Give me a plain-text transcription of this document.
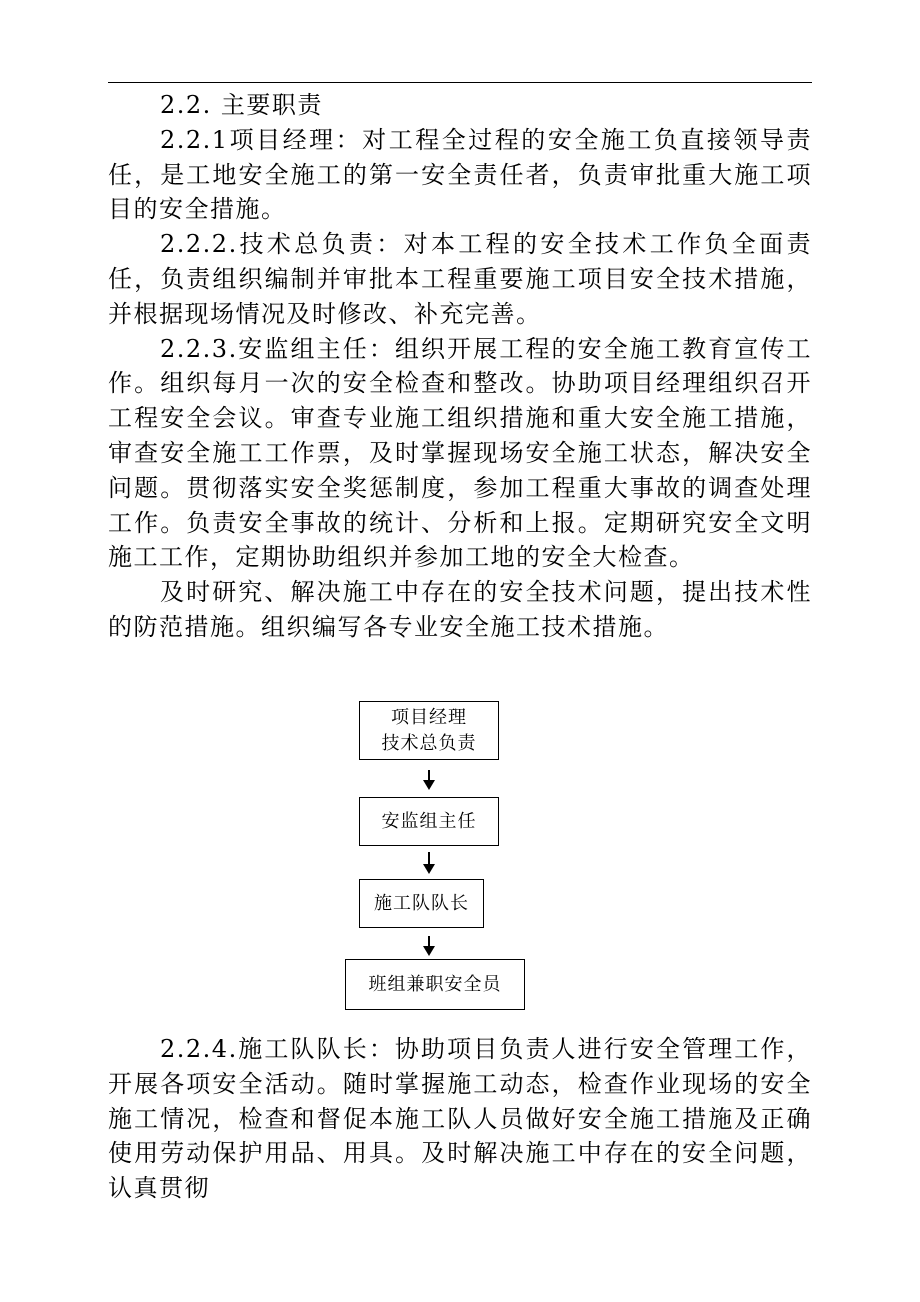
2.2. 主要职责

2.2.1项目经理：对工程全过程的安全施工负直接领导责任，是工地安全施工的第一安全责任者，负责审批重大施工项目的安全措施。

2.2.2.技术总负责：对本工程的安全技术工作负全面责任，负责组织编制并审批本工程重要施工项目安全技术措施，并根据现场情况及时修改、补充完善。

2.2.3.安监组主任：组织开展工程的安全施工教育宣传工作。组织每月一次的安全检查和整改。协助项目经理组织召开工程安全会议。审查专业施工组织措施和重大安全施工措施，审查安全施工工作票，及时掌握现场安全施工状态，解决安全问题。贯彻落实安全奖惩制度，参加工程重大事故的调查处理工作。负责安全事故的统计、分析和上报。定期研究安全文明施工工作，定期协助组织并参加工地的安全大检查。

及时研究、解决施工中存在的安全技术问题，提出技术性的防范措施。组织编写各专业安全施工技术措施。

项目经理
技术总负责
安监组主任
施工队队长
班组兼职安全员

2.2.4.施工队队长：协助项目负责人进行安全管理工作，开展各项安全活动。随时掌握施工动态，检查作业现场的安全施工情况，检查和督促本施工队人员做好安全施工措施及正确使用劳动保护用品、用具。及时解决施工中存在的安全问题，认真贯彻
